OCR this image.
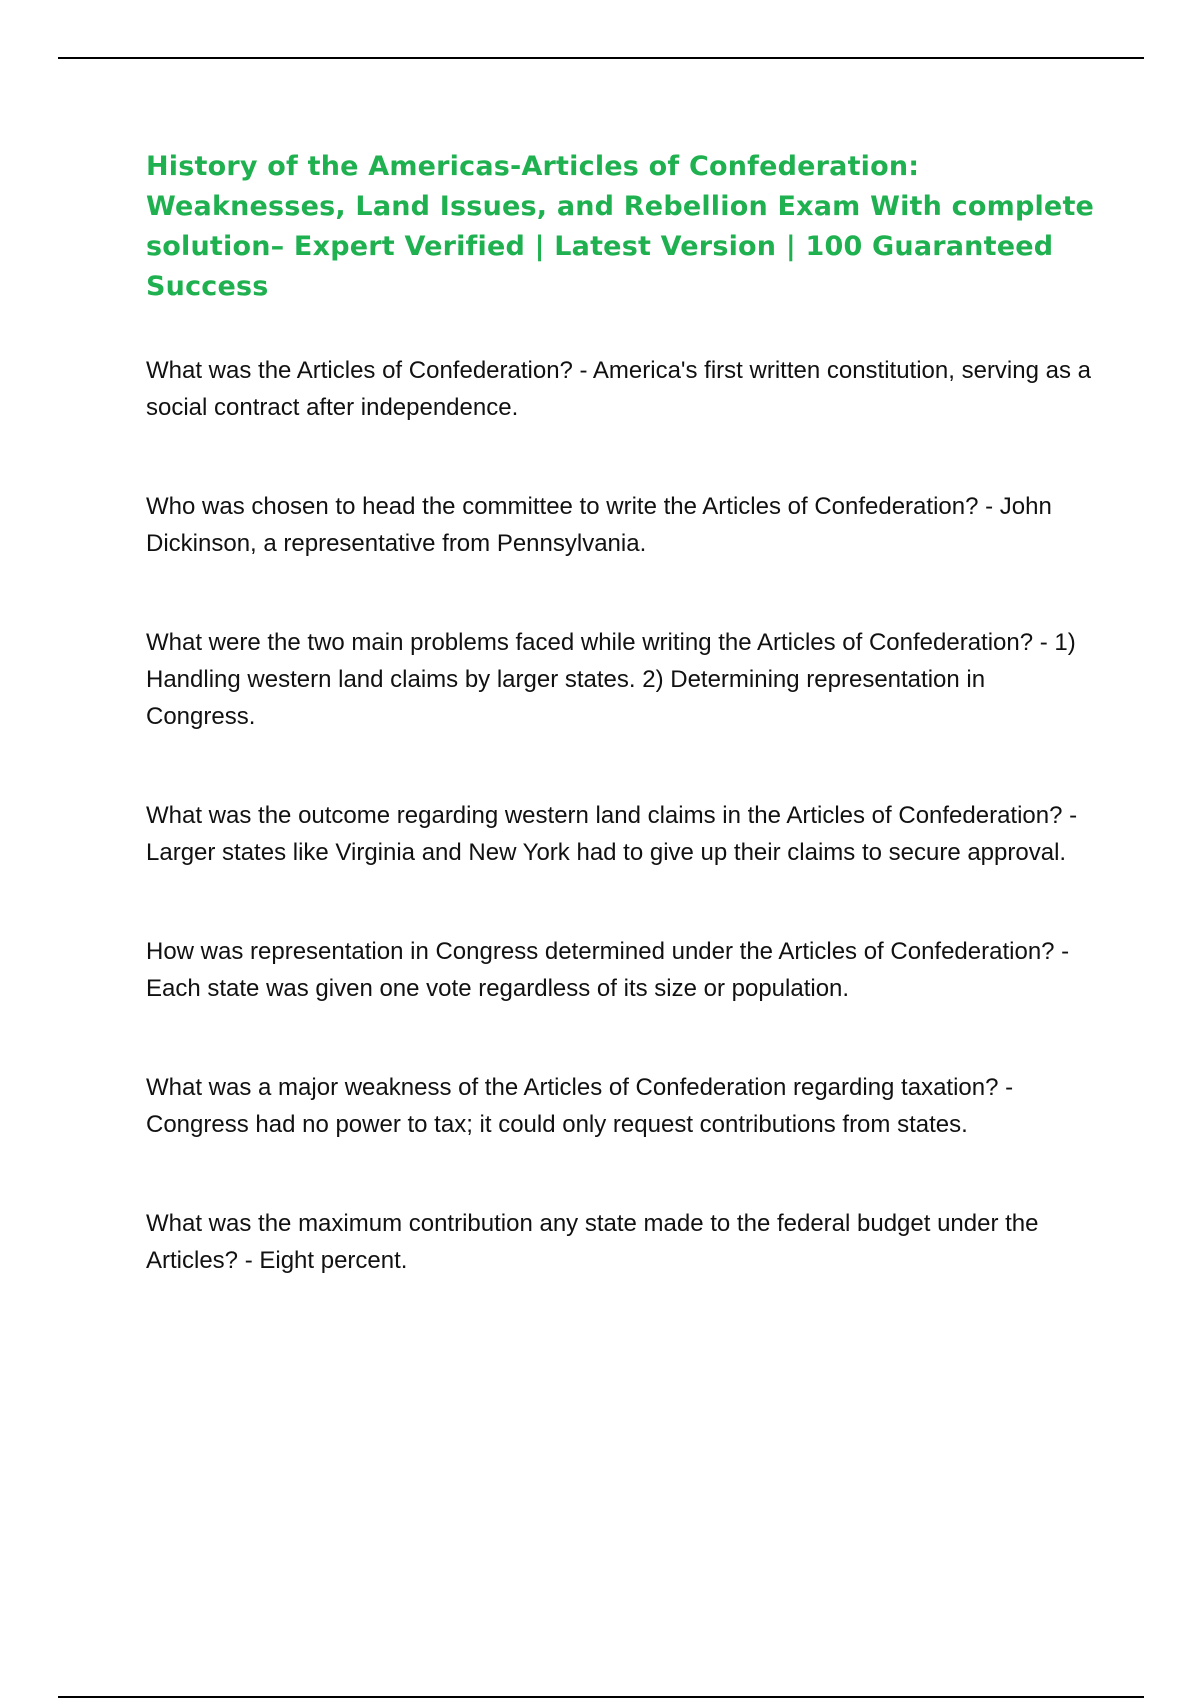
History of the Americas-Articles of Confederation: Weaknesses, Land Issues, and Rebellion Exam With complete solution– Expert Verified | Latest Version | 100 Guaranteed Success

What was the Articles of Confederation? - America's first written constitution, serving as a social contract after independence.

Who was chosen to head the committee to write the Articles of Confederation? - John Dickinson, a representative from Pennsylvania.

What were the two main problems faced while writing the Articles of Confederation? - 1) Handling western land claims by larger states. 2) Determining representation in Congress.

What was the outcome regarding western land claims in the Articles of Confederation? - Larger states like Virginia and New York had to give up their claims to secure approval.

How was representation in Congress determined under the Articles of Confederation? - Each state was given one vote regardless of its size or population.

What was a major weakness of the Articles of Confederation regarding taxation? - Congress had no power to tax; it could only request contributions from states.

What was the maximum contribution any state made to the federal budget under the Articles? - Eight percent.
